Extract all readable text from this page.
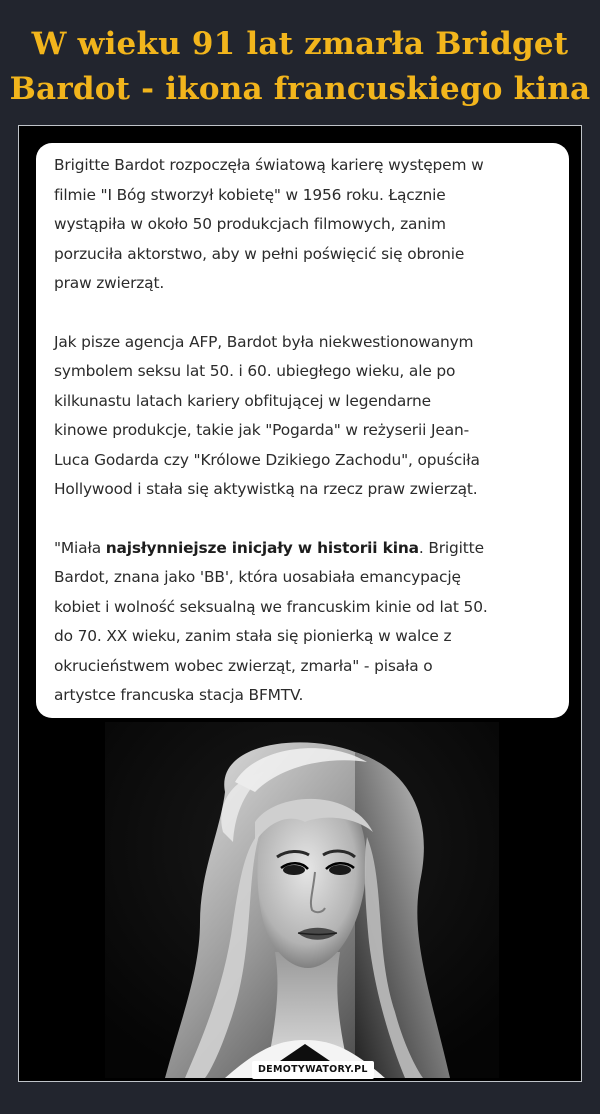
W wieku 91 lat zmarła Bridget
Bardot - ikona francuskiego kina

Brigitte Bardot rozpoczęła światową karierę występem w
filmie "I Bóg stworzył kobietę" w 1956 roku. Łącznie
wystąpiła w około 50 produkcjach filmowych, zanim
porzuciła aktorstwo, aby w pełni poświęcić się obronie
praw zwierząt.

Jak pisze agencja AFP, Bardot była niekwestionowanym
symbolem seksu lat 50. i 60. ubiegłego wieku, ale po
kilkunastu latach kariery obfitującej w legendarne
kinowe produkcje, takie jak "Pogarda" w reżyserii Jean-
Luca Godarda czy "Królowe Dzikiego Zachodu", opuściła
Hollywood i stała się aktywistką na rzecz praw zwierząt.

"Miała najsłynniejsze inicjały w historii kina. Brigitte
Bardot, znana jako 'BB', która uosabiała emancypację
kobiet i wolność seksualną we francuskim kinie od lat 50.
do 70. XX wieku, zanim stała się pionierką w walce z
okrucieństwem wobec zwierząt, zmarła" - pisała o
artystce francuska stacja BFMTV.

DEMOTYWATORY.PL
